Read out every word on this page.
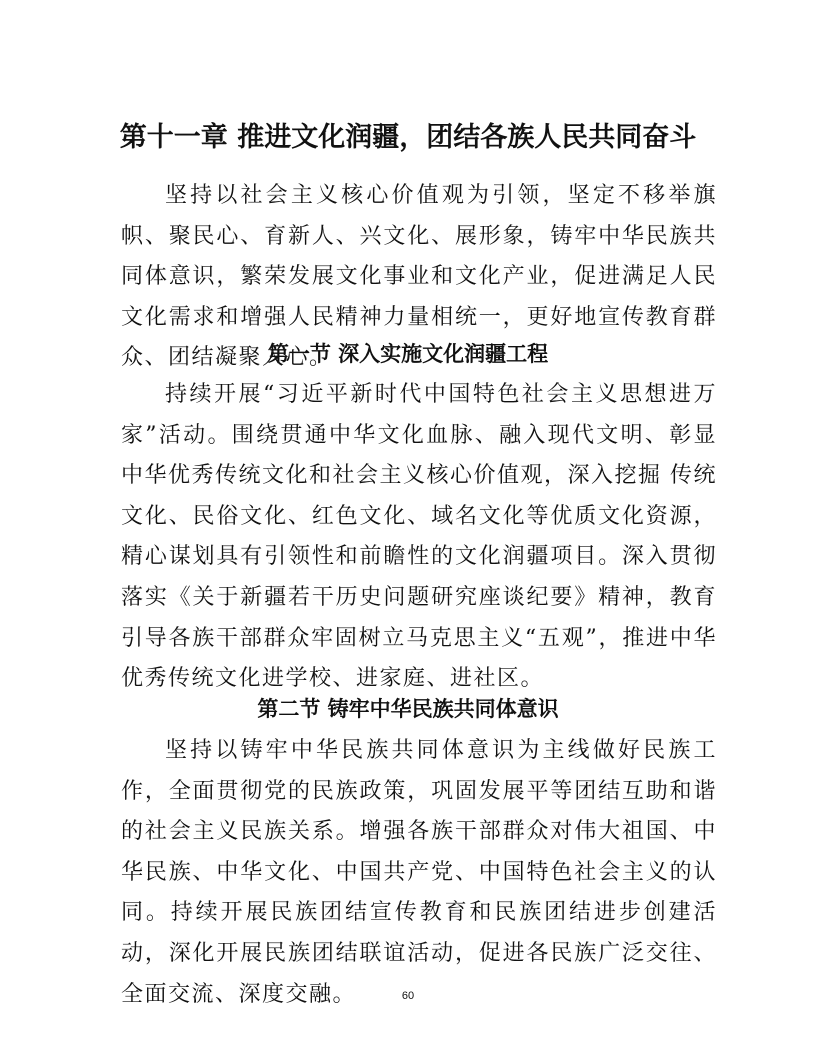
第十一章 推进文化润疆，团结各族人民共同奋斗

坚持以社会主义核心价值观为引领，坚定不移举旗帜、聚民心、育新人、兴文化、展形象，铸牢中华民族共同体意识，繁荣发展文化事业和文化产业，促进满足人民文化需求和增强人民精神力量相统一，更好地宣传教育群众、团结凝聚人心。

第一节 深入实施文化润疆工程

持续开展“习近平新时代中国特色社会主义思想进万家”活动。围绕贯通中华文化血脉、融入现代文明、彰显中华优秀传统文化和社会主义核心价值观，深入挖掘 传统文化、民俗文化、红色文化、域名文化等优质文化资源，精心谋划具有引领性和前瞻性的文化润疆项目。深入贯彻落实《关于新疆若干历史问题研究座谈纪要》精神，教育引导各族干部群众牢固树立马克思主义“五观”，推进中华优秀传统文化进学校、进家庭、进社区。

第二节 铸牢中华民族共同体意识

坚持以铸牢中华民族共同体意识为主线做好民族工作，全面贯彻党的民族政策，巩固发展平等团结互助和谐的社会主义民族关系。增强各族干部群众对伟大祖国、中华民族、中华文化、中国共产党、中国特色社会主义的认同。持续开展民族团结宣传教育和民族团结进步创建活动，深化开展民族团结联谊活动，促进各民族广泛交往、全面交流、深度交融。	60
